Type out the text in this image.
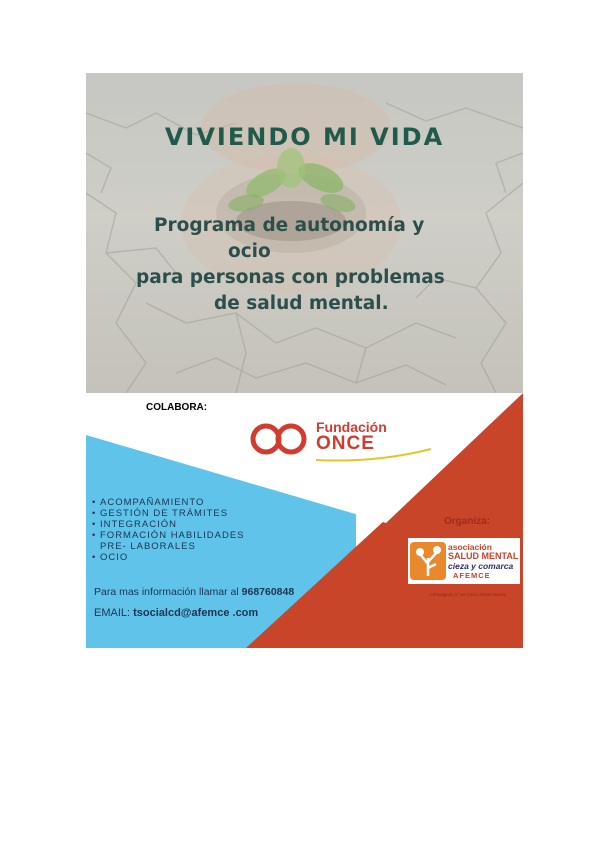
VIVIENDO MI VIDA
Programa de autonomía y
ocio
para personas con problemas
de salud mental.
COLABORA:
Fundación
ONCE
• ACOMPAÑAMIENTO
• GESTIÓN DE TRÁMITES
• INTEGRACIÓN
• FORMACIÓN HABILIDADES
PRE- LABORALES
• OCIO
Para mas información llamar al 968760848
EMAIL: tsocialcd@afemce .com
Organiza:
asociación
SALUD MENTAL
cieza y comarca
AFEMCE
C/Paraguay nº 42 Cieza 30530 Murcia
